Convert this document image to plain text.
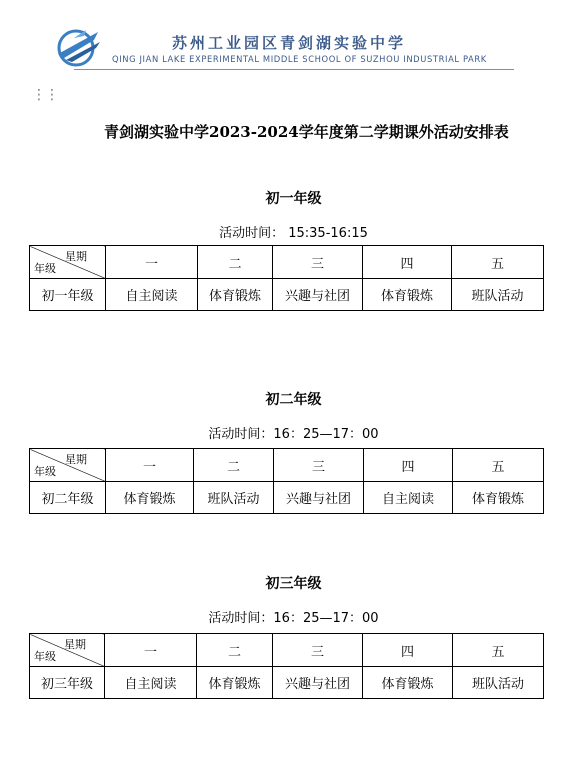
苏州工业园区青剑湖实验中学
QING JIAN LAKE EXPERIMENTAL MIDDLE SCHOOL OF SUZHOU INDUSTRIAL PARK
⋮⋮
青剑湖实验中学2023-2024学年度第二学期课外活动安排表
初一年级
活动时间： 15:35-16:15
星期
年级	一	二	三	四	五
初一年级	自主阅读	体育锻炼	兴趣与社团	体育锻炼	班队活动
初二年级
活动时间：16：25—17：00
星期
年级	一	二	三	四	五
初二年级	体育锻炼	班队活动	兴趣与社团	自主阅读	体育锻炼
初三年级
活动时间：16：25—17：00
星期
年级	一	二	三	四	五
初三年级	自主阅读	体育锻炼	兴趣与社团	体育锻炼	班队活动
